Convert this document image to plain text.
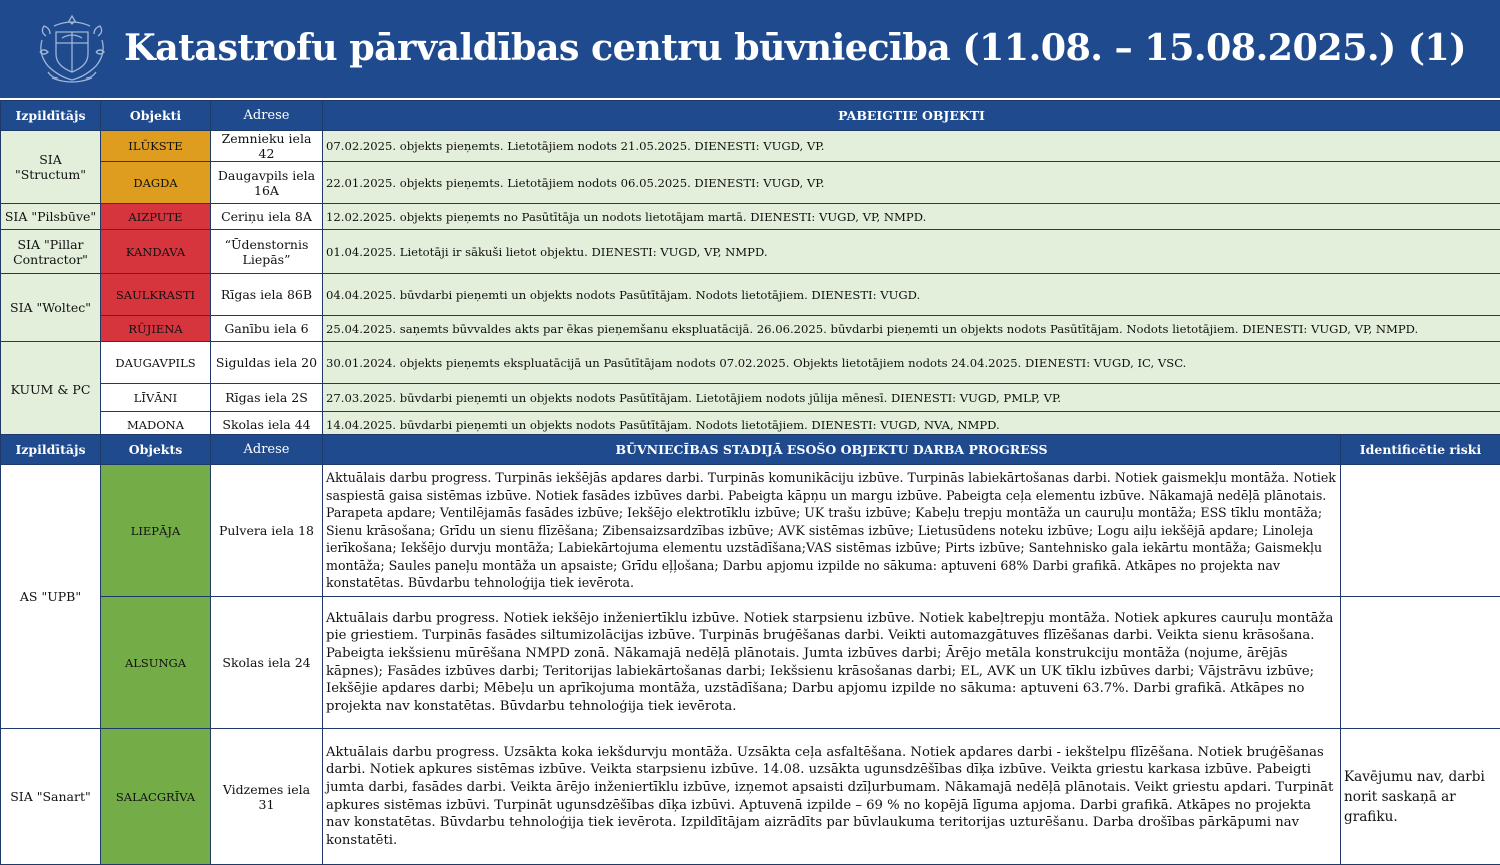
Katastrofu pārvaldības centru būvniecība (11.08. – 15.08.2025.) (1)
Izpildītājs	Objekti	Adrese	PABEIGTIE OBJEKTI
SIA "Structum"	ILŪKSTE	Zemnieku iela 42	07.02.2025. objekts pieņemts. Lietotājiem nodots 21.05.2025. DIENESTI: VUGD, VP.
	DAGDA	Daugavpils iela 16A	22.01.2025. objekts pieņemts. Lietotājiem nodots 06.05.2025. DIENESTI: VUGD, VP.
SIA "Pilsbūve"	AIZPUTE	Ceriņu iela 8A	12.02.2025. objekts pieņemts no Pasūtītāja un nodots lietotājam martā. DIENESTI: VUGD, VP, NMPD.
SIA "Pillar Contractor"	KANDAVA	“Ūdenstornis Liepās”	01.04.2025. Lietotāji ir sākuši lietot objektu. DIENESTI: VUGD, VP, NMPD.
SIA "Woltec"	SAULKRASTI	Rīgas iela 86B	04.04.2025. būvdarbi pieņemti un objekts nodots Pasūtītājam. Nodots lietotājiem. DIENESTI: VUGD.
	RŪJIENA	Ganību iela 6	25.04.2025. saņemts būvvaldes akts par ēkas pieņemšanu ekspluatācijā. 26.06.2025. būvdarbi pieņemti un objekts nodots Pasūtītājam. Nodots lietotājiem. DIENESTI: VUGD, VP, NMPD.
KUUM & PC	DAUGAVPILS	Siguldas iela 20	30.01.2024. objekts pieņemts ekspluatācijā un Pasūtītājam nodots 07.02.2025. Objekts lietotājiem nodots 24.04.2025. DIENESTI: VUGD, IC, VSC.
	LĪVĀNI	Rīgas iela 2S	27.03.2025. būvdarbi pieņemti un objekts nodots Pasūtītājam. Lietotājiem nodots jūlija mēnesī. DIENESTI: VUGD, PMLP, VP.
	MADONA	Skolas iela 44	14.04.2025. būvdarbi pieņemti un objekts nodots Pasūtītājam. Nodots lietotājiem. DIENESTI: VUGD, NVA, NMPD.
Izpildītājs	Objekts	Adrese	BŪVNIECĪBAS STADIJĀ ESOŠO OBJEKTU DARBA PROGRESS	Identificētie riski
AS "UPB"	LIEPĀJA	Pulvera iela 18	Aktuālais darbu progress. Turpinās iekšējās apdares darbi. Turpinās komunikāciju izbūve. Turpinās labiekārtošanas darbi. Notiek gaismekļu montāža. Notiek saspiestā gaisa sistēmas izbūve. Notiek fasādes izbūves darbi. Pabeigta kāpņu un margu izbūve. Pabeigta ceļa elementu izbūve. Nākamajā nedēļā plānotais. Parapeta apdare; Ventilējamās fasādes izbūve; Iekšējo elektrotīklu izbūve; UK trašu izbūve; Kabeļu trepju montāža un cauruļu montāža; ESS tīklu montāža; Sienu krāsošana; Grīdu un sienu flīzēšana; Zibensaizsardzības izbūve; AVK sistēmas izbūve; Lietusūdens noteku izbūve; Logu aiļu iekšējā apdare; Linoleja ierīkošana; Iekšējo durvju montāža; Labiekārtojuma elementu uzstādīšana;VAS sistēmas izbūve; Pirts izbūve; Santehnisko gala iekārtu montāža; Gaismekļu montāža; Saules paneļu montāža un apsaiste; Grīdu eļļošana; Darbu apjomu izpilde no sākuma: aptuveni 68% Darbi grafikā. Atkāpes no projekta nav konstatētas. Būvdarbu tehnoloģija tiek ievērota.	
	ALSUNGA	Skolas iela 24	Aktuālais darbu progress. Notiek iekšējo inženiertīklu izbūve. Notiek starpsienu izbūve. Notiek kabeļtrepju montāža. Notiek apkures cauruļu montāža pie griestiem. Turpinās fasādes siltumizolācijas izbūve. Turpinās bruģēšanas darbi. Veikti automazgātuves flīzēšanas darbi. Veikta sienu krāsošana. Pabeigta iekšsienu mūrēšana NMPD zonā. Nākamajā nedēļā plānotais. Jumta izbūves darbi; Ārējo metāla konstrukciju montāža (nojume, ārējās kāpnes); Fasādes izbūves darbi; Teritorijas labiekārtošanas darbi; Iekšsienu krāsošanas darbi; EL, AVK un UK tīklu izbūves darbi; Vājstrāvu izbūve; Iekšējie apdares darbi; Mēbeļu un aprīkojuma montāža, uzstādīšana; Darbu apjomu izpilde no sākuma: aptuveni 63.7%. Darbi grafikā. Atkāpes no projekta nav konstatētas. Būvdarbu tehnoloģija tiek ievērota.	
SIA "Sanart"	SALACGRĪVA	Vidzemes iela 31	Aktuālais darbu progress. Uzsākta koka iekšdurvju montāža. Uzsākta ceļa asfaltēšana. Notiek apdares darbi - iekštelpu flīzēšana. Notiek bruģēšanas darbi. Notiek apkures sistēmas izbūve. Veikta starpsienu izbūve. 14.08. uzsākta ugunsdzēšības dīķa izbūve. Veikta griestu karkasa izbūve. Pabeigti jumta darbi, fasādes darbi. Veikta ārējo inženiertīklu izbūve, izņemot apsaisti dzīļurbumam. Nākamajā nedēļā plānotais. Veikt griestu apdari. Turpināt apkures sistēmas izbūvi. Turpināt ugunsdzēšības dīķa izbūvi. Aptuvenā izpilde – 69 % no kopējā līguma apjoma. Darbi grafikā. Atkāpes no projekta nav konstatētas. Būvdarbu tehnoloģija tiek ievērota. Izpildītājam aizrādīts par būvlaukuma teritorijas uzturēšanu. Darba drošības pārkāpumi nav konstatēti.	Kavējumu nav, darbi norit saskaņā ar grafiku.
